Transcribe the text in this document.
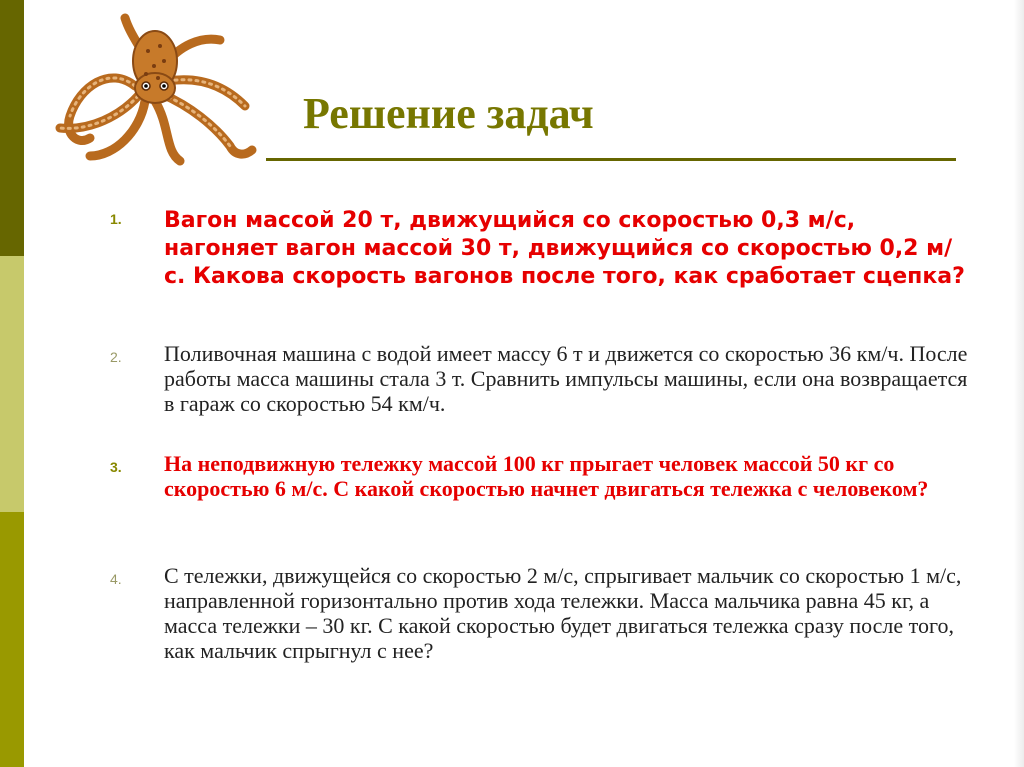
Решение задач
1. Вагон массой 20 т, движущийся со скоростью 0,3 м/с, нагоняет вагон массой 30 т, движущийся со скоростью 0,2 м/с. Какова скорость вагонов после того, как сработает сцепка?

2. Поливочная машина с водой имеет массу 6 т и движется со скоростью 36 км/ч. После работы масса машины стала 3 т. Сравнить импульсы машины, если она возвращается в гараж со скоростью 54 км/ч.

3. На неподвижную тележку массой 100 кг прыгает человек массой 50 кг со скоростью 6 м/с. С какой скоростью начнет двигаться тележка с человеком?

4. С тележки, движущейся со скоростью 2 м/с, спрыгивает мальчик со скоростью 1 м/с, направленной горизонтально против хода тележки. Масса мальчика равна 45 кг, а масса тележки – 30 кг. С какой скоростью будет двигаться тележка сразу после того, как мальчик спрыгнул с нее?
